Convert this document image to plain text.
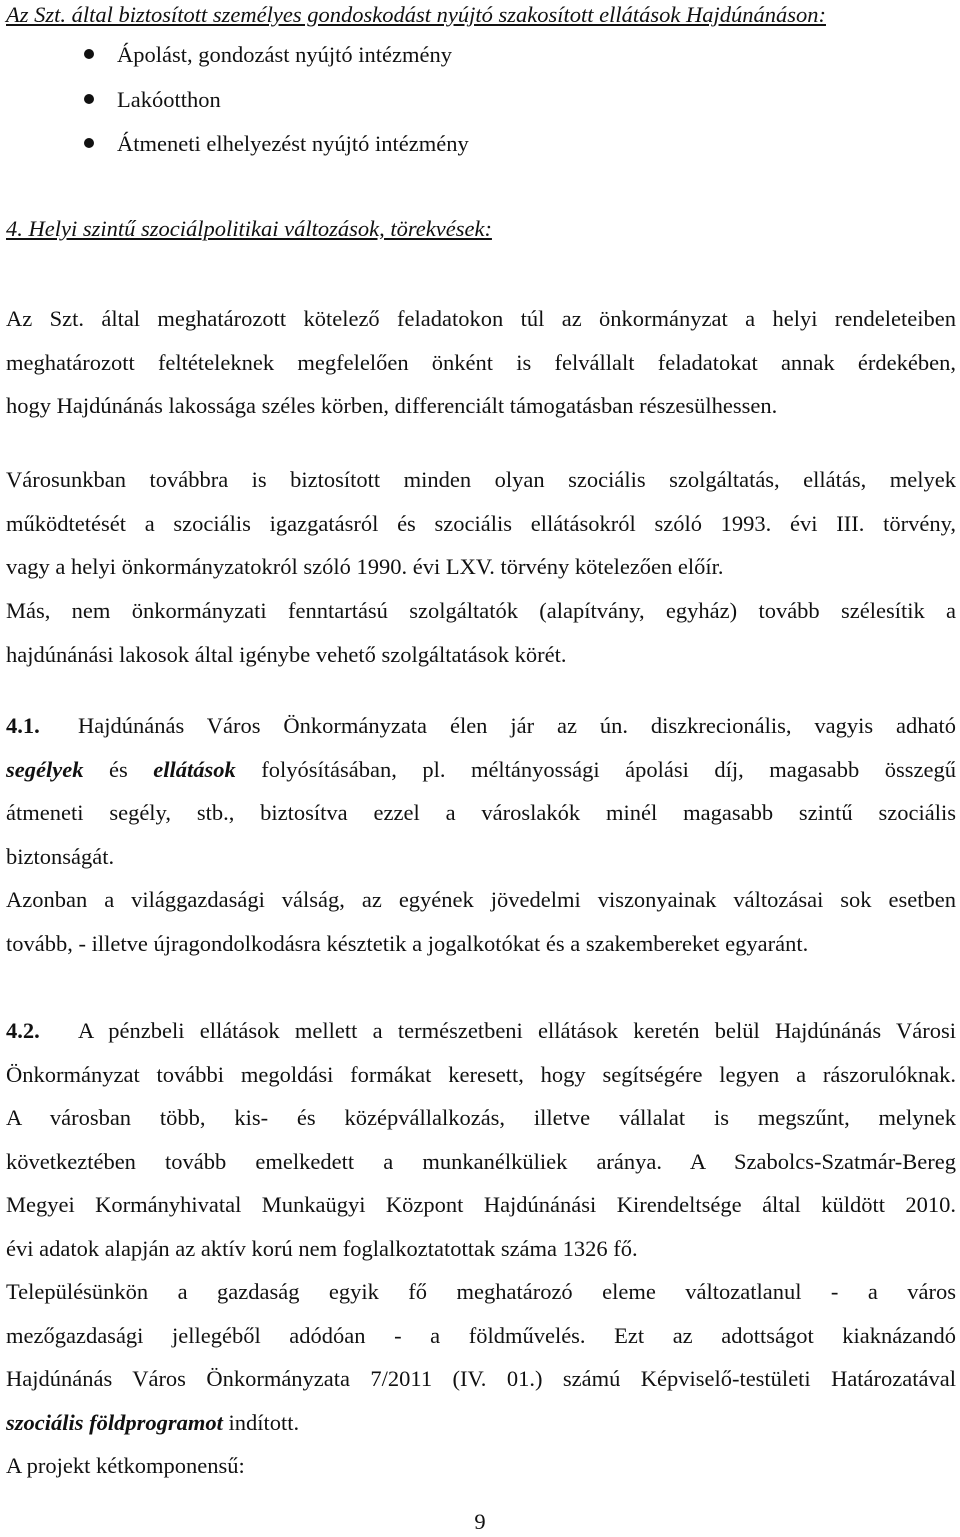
Az Szt. által biztosított személyes gondoskodást nyújtó szakosított ellátások Hajdúnánáson:
Ápolást, gondozást nyújtó intézmény
Lakóotthon
Átmeneti elhelyezést nyújtó intézmény
4. Helyi szintű szociálpolitikai változások, törekvések:
Az Szt. által meghatározott kötelező feladatokon túl az önkormányzat a helyi rendeleteiben
meghatározott feltételeknek megfelelően önként is felvállalt feladatokat annak érdekében,
hogy Hajdúnánás lakossága széles körben, differenciált támogatásban részesülhessen.
Városunkban továbbra is biztosított minden olyan szociális szolgáltatás, ellátás, melyek
működtetését a szociális igazgatásról és szociális ellátásokról szóló 1993. évi III. törvény,
vagy a helyi önkormányzatokról szóló 1990. évi LXV. törvény kötelezően előír.
Más, nem önkormányzati fenntartású szolgáltatók (alapítvány, egyház) tovább szélesítik a
hajdúnánási lakosok által igénybe vehető szolgáltatások körét.
4.1. Hajdúnánás Város Önkormányzata élen jár az ún. diszkrecionális, vagyis adható
segélyek és ellátások folyósításában, pl. méltányossági ápolási díj, magasabb összegű
átmeneti segély, stb., biztosítva ezzel a városlakók minél magasabb szintű szociális
biztonságát.
Azonban a világgazdasági válság, az egyének jövedelmi viszonyainak változásai sok esetben
tovább, - illetve újragondolkodásra késztetik a jogalkotókat és a szakembereket egyaránt.
4.2. A pénzbeli ellátások mellett a természetbeni ellátások keretén belül Hajdúnánás Városi
Önkormányzat további megoldási formákat keresett, hogy segítségére legyen a rászorulóknak.
A városban több, kis- és középvállalkozás, illetve vállalat is megszűnt, melynek
következtében tovább emelkedett a munkanélküliek aránya. A Szabolcs-Szatmár-Bereg
Megyei Kormányhivatal Munkaügyi Központ Hajdúnánási Kirendeltsége által küldött 2010.
évi adatok alapján az aktív korú nem foglalkoztatottak száma 1326 fő.
Településünkön a gazdaság egyik fő meghatározó eleme változatlanul - a város
mezőgazdasági jellegéből adódóan - a földművelés. Ezt az adottságot kiaknázandó
Hajdúnánás Város Önkormányzata 7/2011 (IV. 01.) számú Képviselő-testületi Határozatával
szociális földprogramot indított.
A projekt kétkomponensű:
9
